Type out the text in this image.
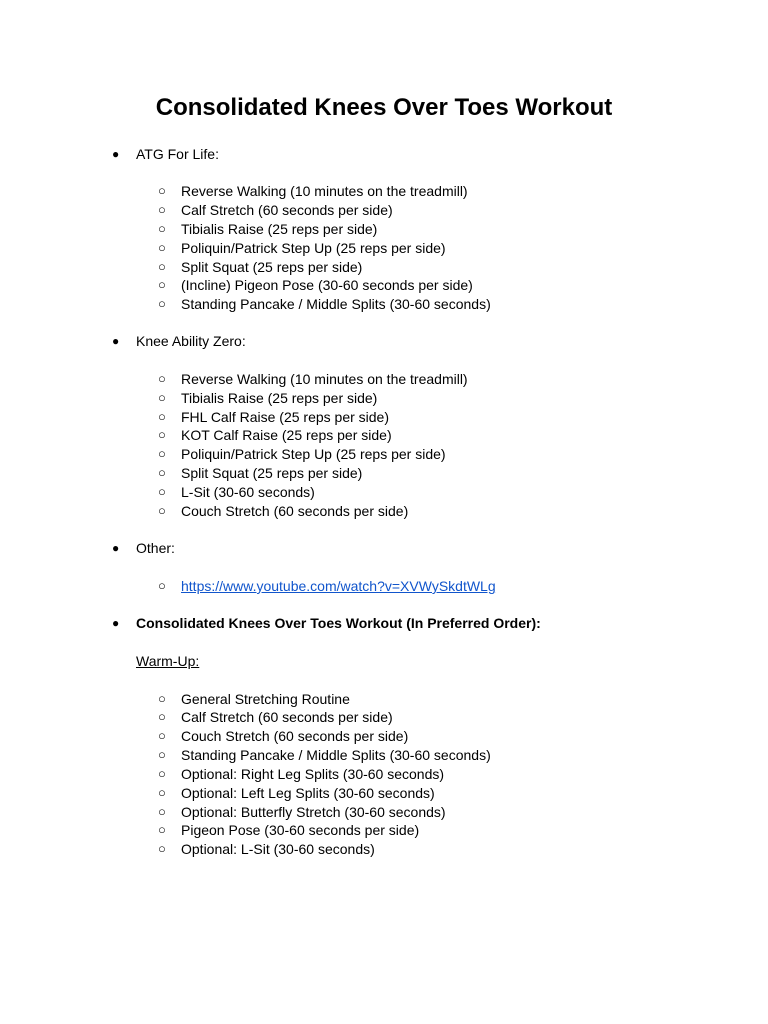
Consolidated Knees Over Toes Workout
● ATG For Life:
○ Reverse Walking (10 minutes on the treadmill)
○ Calf Stretch (60 seconds per side)
○ Tibialis Raise (25 reps per side)
○ Poliquin/Patrick Step Up (25 reps per side)
○ Split Squat (25 reps per side)
○ (Incline) Pigeon Pose (30-60 seconds per side)
○ Standing Pancake / Middle Splits (30-60 seconds)
● Knee Ability Zero:
○ Reverse Walking (10 minutes on the treadmill)
○ Tibialis Raise (25 reps per side)
○ FHL Calf Raise (25 reps per side)
○ KOT Calf Raise (25 reps per side)
○ Poliquin/Patrick Step Up (25 reps per side)
○ Split Squat (25 reps per side)
○ L-Sit (30-60 seconds)
○ Couch Stretch (60 seconds per side)
● Other:
○ https://www.youtube.com/watch?v=XVWySkdtWLg
● Consolidated Knees Over Toes Workout (In Preferred Order):
Warm-Up:
○ General Stretching Routine
○ Calf Stretch (60 seconds per side)
○ Couch Stretch (60 seconds per side)
○ Standing Pancake / Middle Splits (30-60 seconds)
○ Optional: Right Leg Splits (30-60 seconds)
○ Optional: Left Leg Splits (30-60 seconds)
○ Optional: Butterfly Stretch (30-60 seconds)
○ Pigeon Pose (30-60 seconds per side)
○ Optional: L-Sit (30-60 seconds)
